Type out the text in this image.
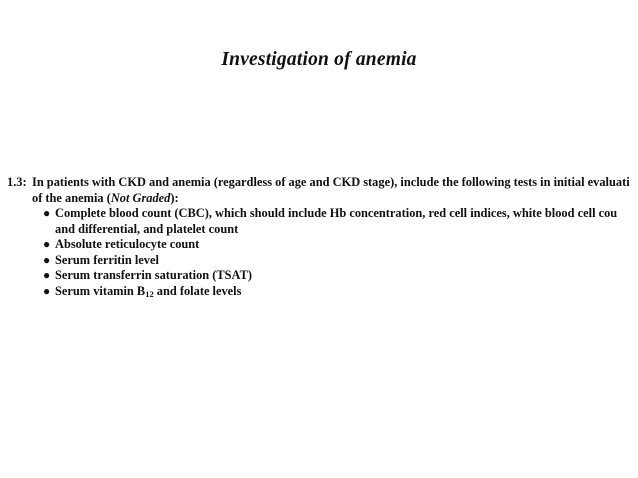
Investigation of anemia
1.3: In patients with CKD and anemia (regardless of age and CKD stage), include the following tests in initial evaluati
of the anemia (Not Graded):
● Complete blood count (CBC), which should include Hb concentration, red cell indices, white blood cell cou
and differential, and platelet count
● Absolute reticulocyte count
● Serum ferritin level
● Serum transferrin saturation (TSAT)
● Serum vitamin $B_{12}$ and folate levels
